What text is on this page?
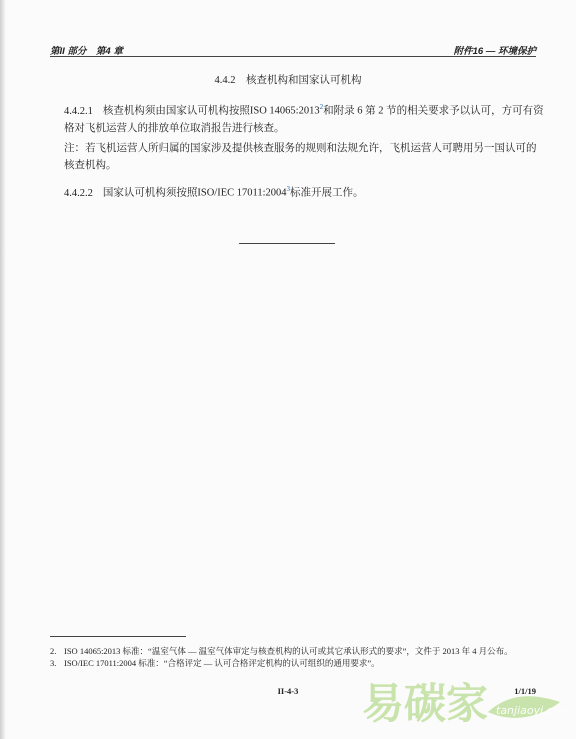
第II 部分　第4 章	附件16 — 环境保护
4.4.2　核查机构和国家认可机构
4.4.2.1 核查机构须由国家认可机构按照ISO 14065:2013$^2$和附录 6 第 2 节的相关要求予以认可，方可有资格对飞机运营人的排放单位取消报告进行核查。
注：若飞机运营人所归属的国家涉及提供核查服务的规则和法规允许，飞机运营人可聘用另一国认可的核查机构。
4.4.2.2 国家认可机构须按照ISO/IEC 17011:2004$^3$标准开展工作。
2. ISO 14065:2013 标准：“温室气体 — 温室气体审定与核查机构的认可或其它承认形式的要求”，文件于 2013 年 4 月公布。
3. ISO/IEC 17011:2004 标准：“合格评定 — 认可合格评定机构的认可组织的通用要求”。
II-4-3	1/1/19
易碳家 tanjiaoyi.com
